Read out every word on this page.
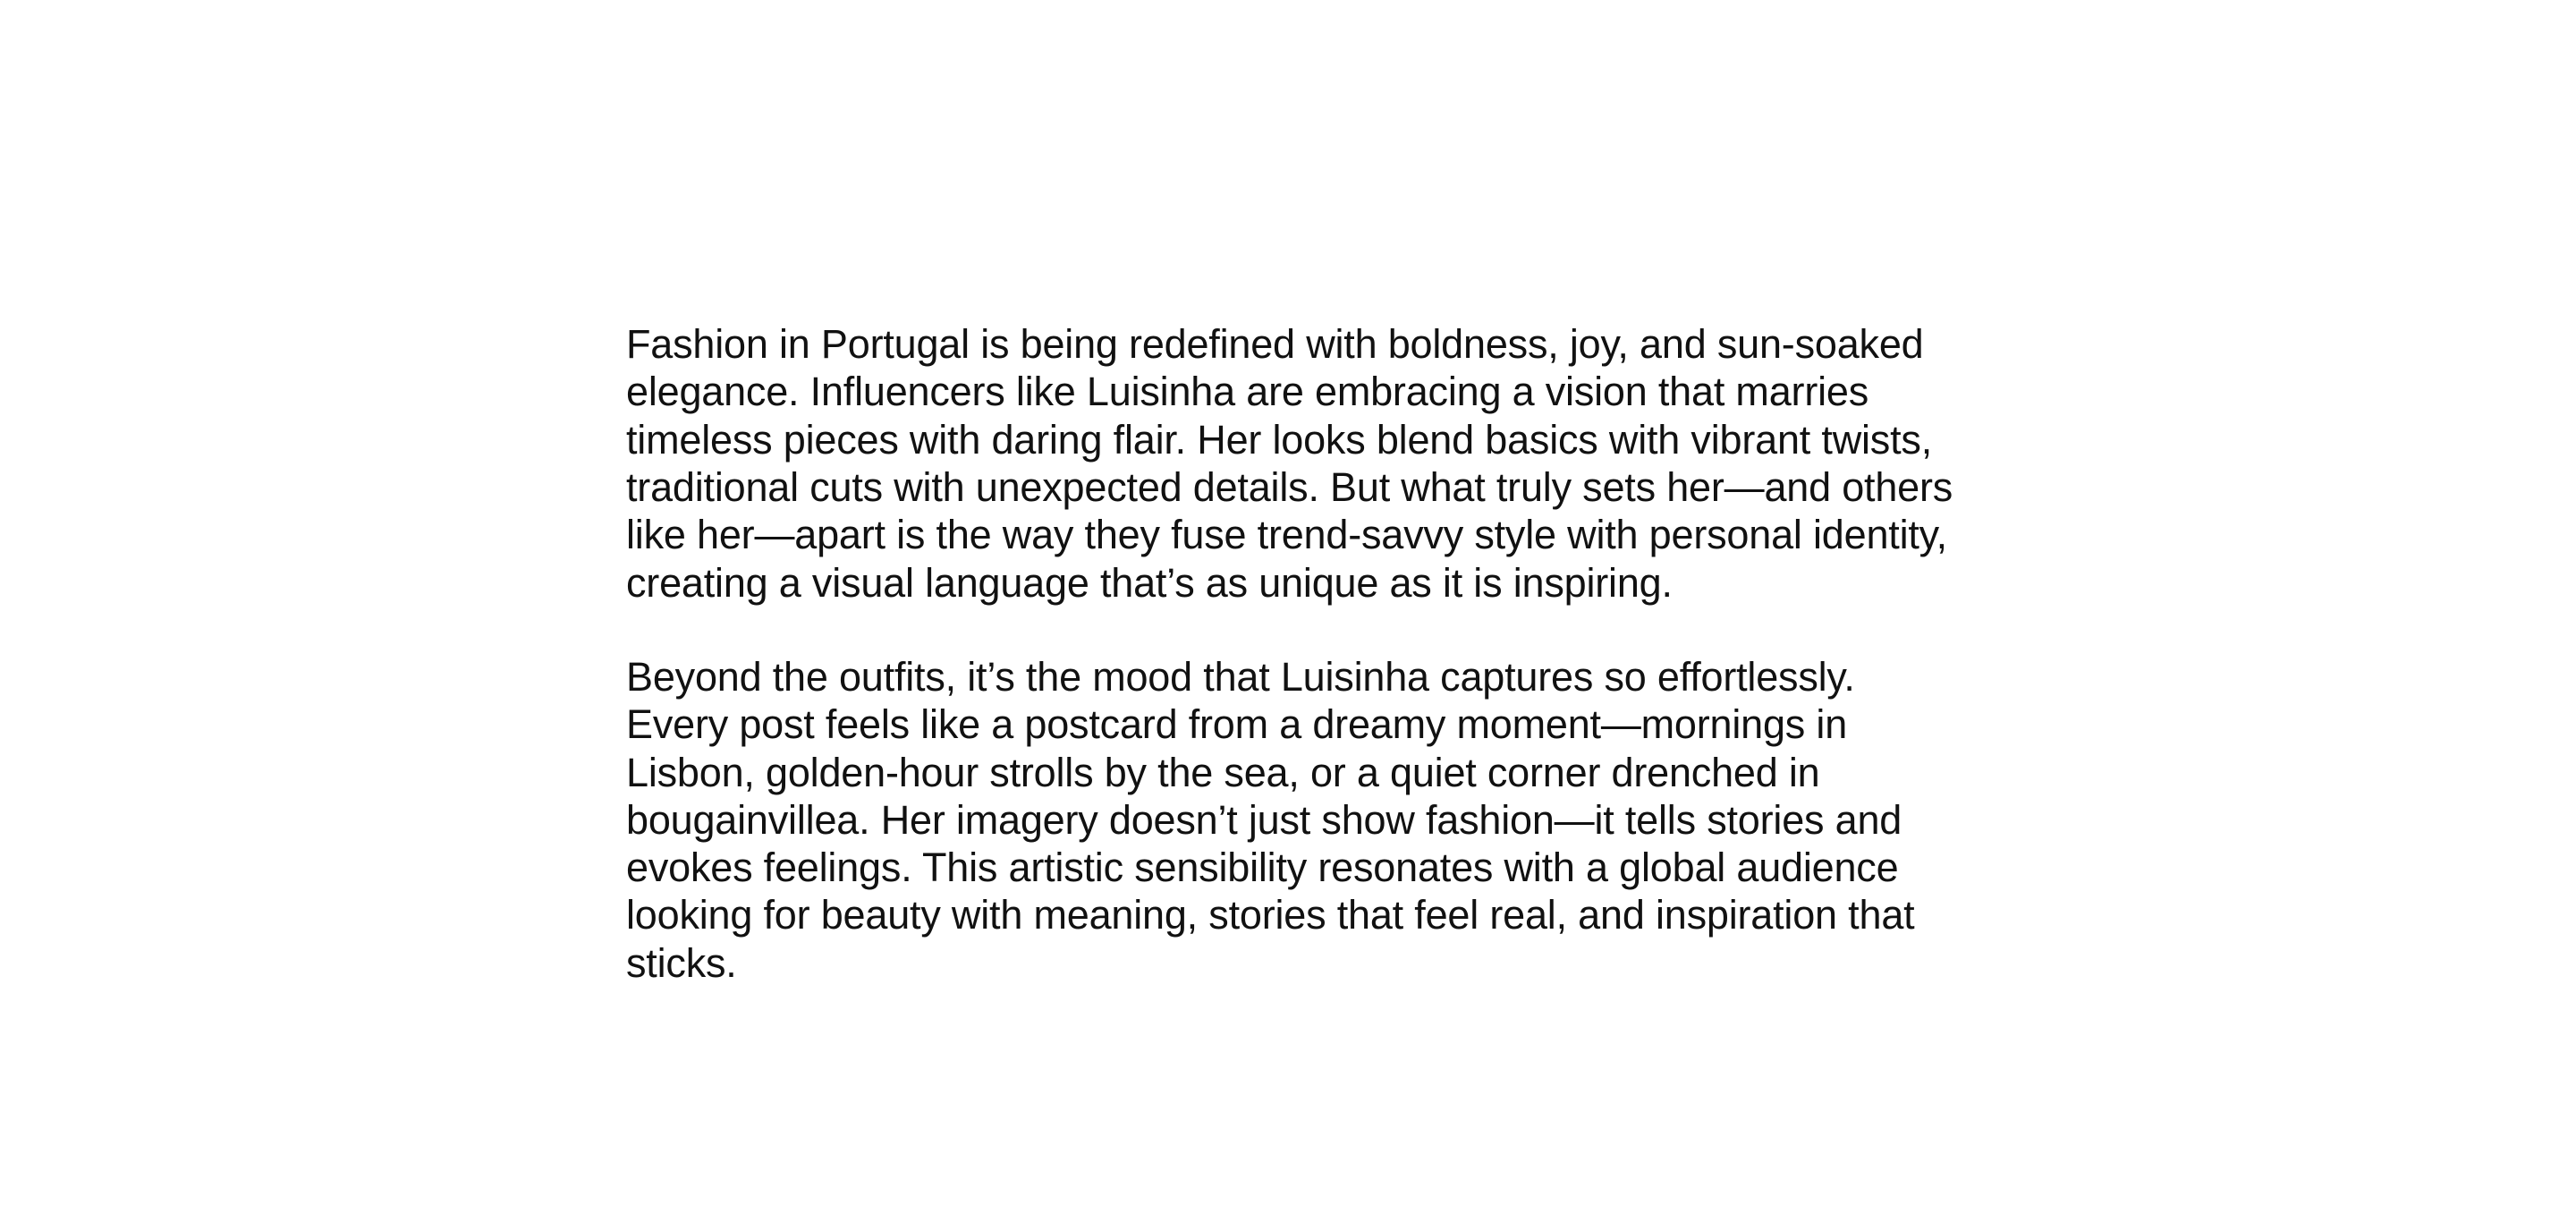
Fashion in Portugal is being redefined with boldness, joy, and sun-soaked elegance. Influencers like Luisinha are embracing a vision that marries timeless pieces with daring flair. Her looks blend basics with vibrant twists, traditional cuts with unexpected details. But what truly sets her—and others like her—apart is the way they fuse trend-savvy style with personal identity, creating a visual language that’s as unique as it is inspiring.

Beyond the outfits, it’s the mood that Luisinha captures so effortlessly. Every post feels like a postcard from a dreamy moment—mornings in Lisbon, golden-hour strolls by the sea, or a quiet corner drenched in bougainvillea. Her imagery doesn’t just show fashion—it tells stories and evokes feelings. This artistic sensibility resonates with a global audience looking for beauty with meaning, stories that feel real, and inspiration that sticks.
